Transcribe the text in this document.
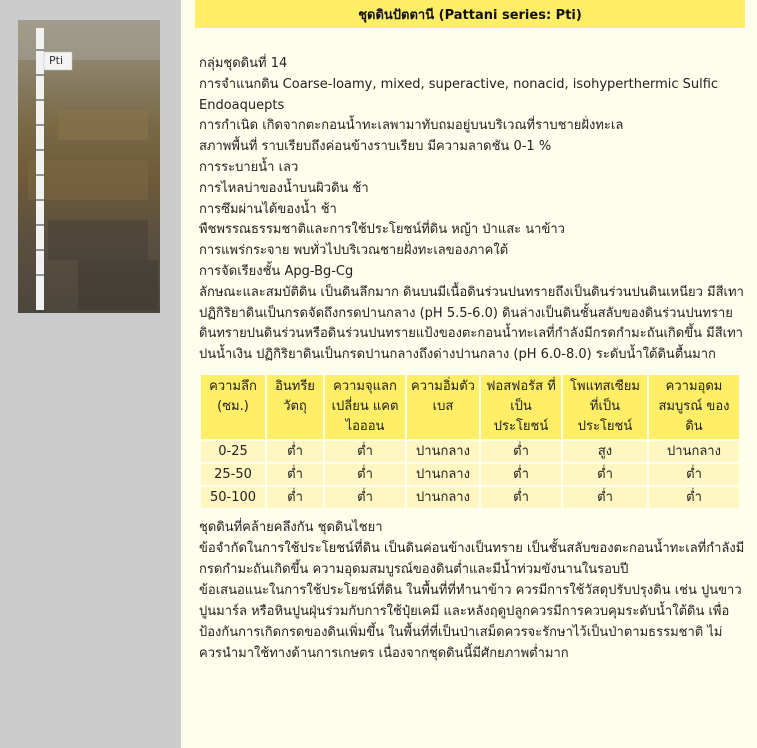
Pti
ชุดดินปัตตานี (Pattani series: Pti)
กลุ่มชุดดินที่ 14
การจำแนกดิน Coarse-loamy, mixed, superactive, nonacid, isohyperthermic Sulfic Endoaquepts
การกำเนิด เกิดจากตะกอนน้ำทะเลพามาทับถมอยู่บนบริเวณที่ราบชายฝั่งทะเล
สภาพพื้นที่ ราบเรียบถึงค่อนข้างราบเรียบ มีความลาดชัน 0-1 %
การระบายน้ำ เลว
การไหลบ่าของน้ำบนผิวดิน ช้า
การซึมผ่านได้ของน้ำ ช้า
พืชพรรณธรรมชาติและการใช้ประโยชน์ที่ดิน หญ้า ป่าแสะ นาข้าว
การแพร่กระจาย พบทั่วไปบริเวณชายฝั่งทะเลของภาคใต้
การจัดเรียงชั้น Apg-Bg-Cg
ลักษณะและสมบัติดิน เป็นดินลึกมาก ดินบนมีเนื้อดินร่วนปนทรายถึงเป็นดินร่วนปนดินเหนียว มีสีเทา ปฏิกิริยาดินเป็นกรดจัดถึงกรดปานกลาง (pH 5.5-6.0) ดินล่างเป็นดินชั้นสลับของดินร่วนปนทราย ดินทรายปนดินร่วนหรือดินร่วนปนทรายแป้งของตะกอนน้ำทะเลที่กำลังมีกรดกำมะถันเกิดขึ้น มีสีเทา ปนน้ำเงิน ปฏิกิริยาดินเป็นกรดปานกลางถึงด่างปานกลาง (pH 6.0-8.0) ระดับน้ำใต้ดินตื้นมาก
ความลึก (ซม.)	อินทรีย วัตถุ	ความจุแลก เปลี่ยน แคตไอออน	ความอิ่มตัว เบส	ฟอสฟอรัส ที่เป็น ประโยชน์	โพแทสเซียม ที่เป็นประโยชน์	ความอุดม สมบูรณ์ ของดิน
0-25	ต่ำ	ต่ำ	ปานกลาง	ต่ำ	สูง	ปานกลาง
25-50	ต่ำ	ต่ำ	ปานกลาง	ต่ำ	ต่ำ	ต่ำ
50-100	ต่ำ	ต่ำ	ปานกลาง	ต่ำ	ต่ำ	ต่ำ
ชุดดินที่คล้ายคลึงกัน ชุดดินไชยา
ข้อจำกัดในการใช้ประโยชน์ที่ดิน เป็นดินค่อนข้างเป็นทราย เป็นชั้นสลับของตะกอนน้ำทะเลที่กำลังมีกรดกำมะถันเกิดขึ้น ความอุดมสมบูรณ์ของดินต่ำและมีน้ำท่วมขังนานในรอบปี
ข้อเสนอแนะในการใช้ประโยชน์ที่ดิน ในพื้นที่ที่ทำนาข้าว ควรมีการใช้วัสดุปรับปรุงดิน เช่น ปูนขาว ปูนมาร์ล หรือหินปูนฝุ่นร่วมกับการใช้ปุ๋ยเคมี และหลังฤดูปลูกควรมีการควบคุมระดับน้ำใต้ดิน เพื่อป้องกันการเกิดกรดของดินเพิ่มขึ้น ในพื้นที่ที่เป็นป่าเสม็ดควรจะรักษาไว้เป็นป่าตามธรรมชาติ ไม่ควรนำมาใช้ทางด้านการเกษตร เนื่องจากชุดดินนี้มีศักยภาพต่ำมาก
